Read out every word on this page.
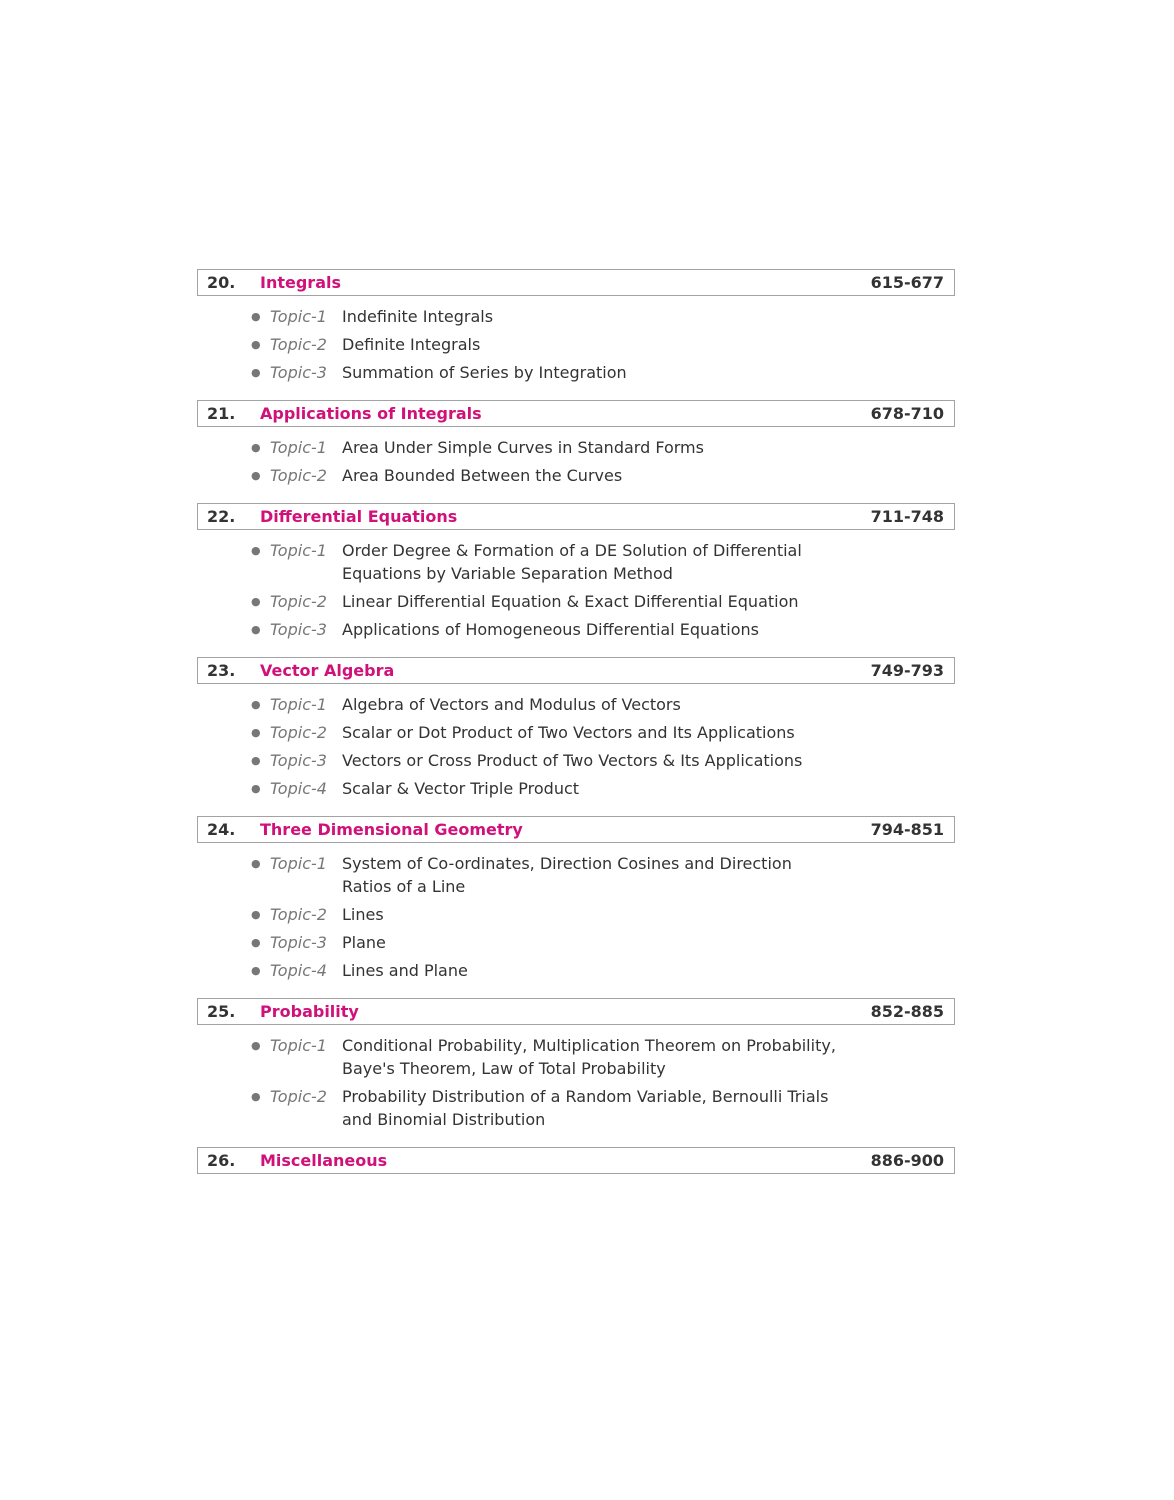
20.	Integrals	615-677
● Topic-1 Indefinite Integrals
● Topic-2 Definite Integrals
● Topic-3 Summation of Series by Integration
21.	Applications of Integrals	678-710
● Topic-1 Area Under Simple Curves in Standard Forms
● Topic-2 Area Bounded Between the Curves
22.	Differential Equations	711-748
● Topic-1 Order Degree & Formation of a DE Solution of Differential Equations by Variable Separation Method
● Topic-2 Linear Differential Equation & Exact Differential Equation
● Topic-3 Applications of Homogeneous Differential Equations
23.	Vector Algebra	749-793
● Topic-1 Algebra of Vectors and Modulus of Vectors
● Topic-2 Scalar or Dot Product of Two Vectors and Its Applications
● Topic-3 Vectors or Cross Product of Two Vectors & Its Applications
● Topic-4 Scalar & Vector Triple Product
24.	Three Dimensional Geometry	794-851
● Topic-1 System of Co-ordinates, Direction Cosines and Direction Ratios of a Line
● Topic-2 Lines
● Topic-3 Plane
● Topic-4 Lines and Plane
25.	Probability	852-885
● Topic-1 Conditional Probability, Multiplication Theorem on Probability, Baye's Theorem, Law of Total Probability
● Topic-2 Probability Distribution of a Random Variable, Bernoulli Trials and Binomial Distribution
26.	Miscellaneous	886-900
